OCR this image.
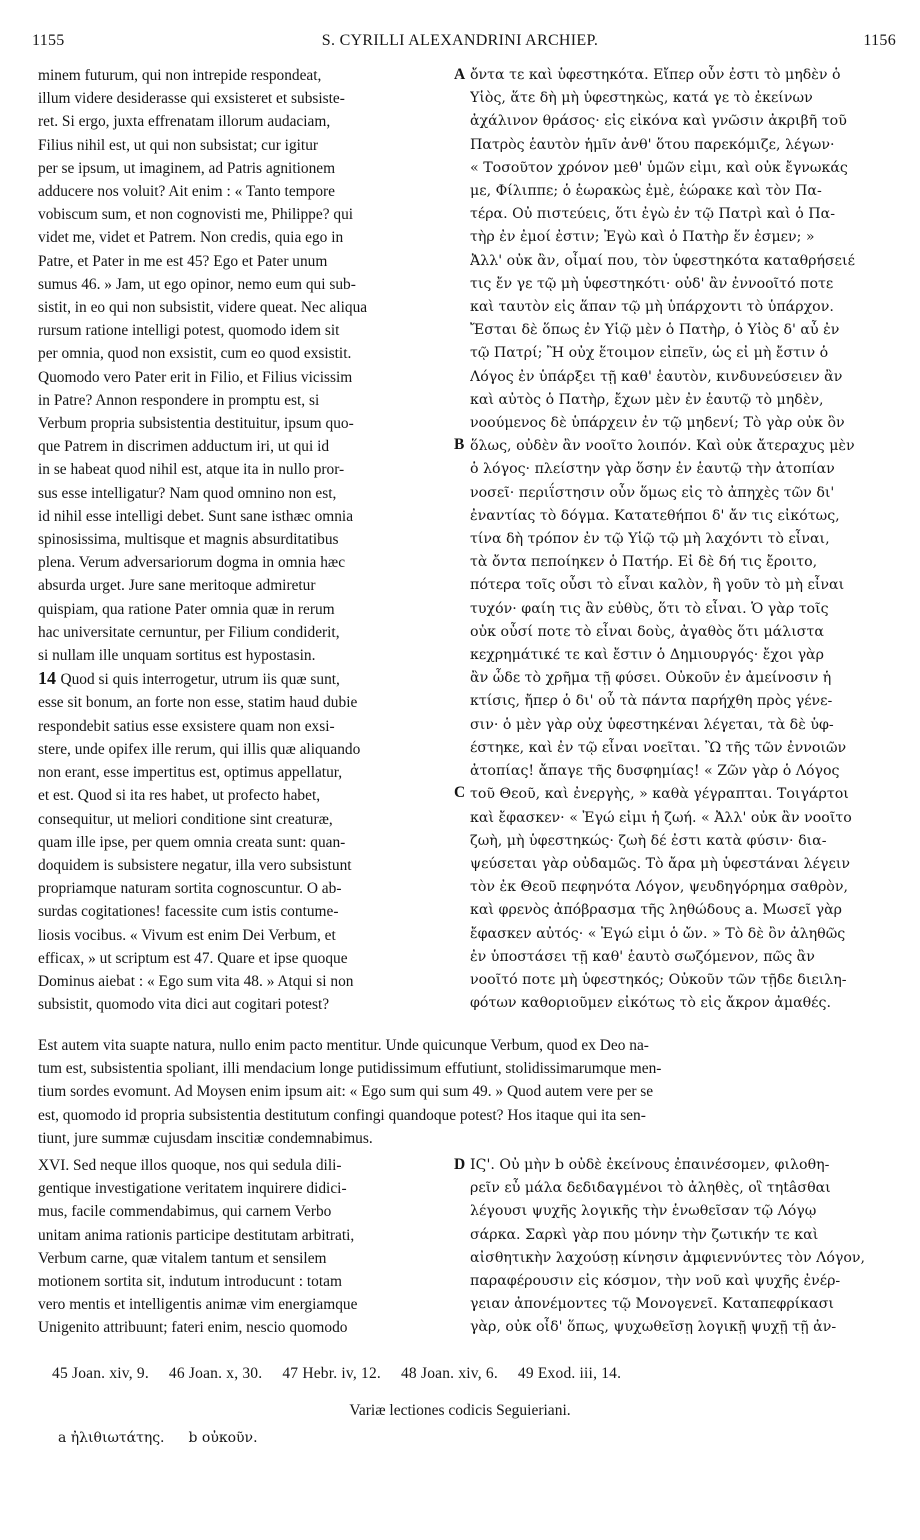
1155	S. CYRILLI ALEXANDRINI ARCHIEP.	1156
A
B
C
D
minem futurum, qui non intrepide respondeat,
illum videre desiderasse qui exsisteret et subsiste-
ret. Si ergo, juxta effrenatam illorum audaciam,
Filius nihil est, ut qui non subsistat; cur igitur
per se ipsum, ut imaginem, ad Patris agnitionem
adducere nos voluit? Ait enim : « Tanto tempore
vobiscum sum, et non cognovisti me, Philippe? qui
videt me, videt et Patrem. Non credis, quia ego in
Patre, et Pater in me est 45? Ego et Pater unum
sumus 46. » Jam, ut ego opinor, nemo eum qui sub-
sistit, in eo qui non subsistit, videre queat. Nec aliqua
rursum ratione intelligi potest, quomodo idem sit
per omnia, quod non exsistit, cum eo quod exsistit.
Quomodo vero Pater erit in Filio, et Filius vicissim
in Patre? Annon respondere in promptu est, si
Verbum propria subsistentia destituitur, ipsum quo-
que Patrem in discrimen adductum iri, ut qui id
in se habeat quod nihil est, atque ita in nullo pror-
sus esse intelligatur? Nam quod omnino non est,
id nihil esse intelligi debet. Sunt sane isthæc omnia
spinosissima, multisque et magnis absurditatibus
plena. Verum adversariorum dogma in omnia hæc
absurda urget. Jure sane meritoque admiretur
quispiam, qua ratione Pater omnia quæ in rerum
hac universitate cernuntur, per Filium condiderit,
si nullam ille unquam sortitus est hypostasin.
14 Quod si quis interrogetur, utrum iis quæ sunt,
esse sit bonum, an forte non esse, statim haud dubie
respondebit satius esse exsistere quam non exsi-
stere, unde opifex ille rerum, qui illis quæ aliquando
non erant, esse impertitus est, optimus appellatur,
et est. Quod si ita res habet, ut profecto habet,
consequitur, ut meliori conditione sint creaturæ,
quam ille ipse, per quem omnia creata sunt: quan-
doquidem is subsistere negatur, illa vero subsistunt
propriamque naturam sortita cognoscuntur. O ab-
surdas cogitationes! facessite cum istis contume-
liosis vocibus. « Vivum est enim Dei Verbum, et
efficax, » ut scriptum est 47. Quare et ipse quoque
Dominus aiebat : « Ego sum vita 48. » Atqui si non
subsistit, quomodo vita dici aut cogitari potest?
ὄντα τε καὶ ὑφεστηκότα. Εἴπερ οὖν ἐστι τὸ μηδὲν ὁ
Υἱὸς, ἅτε δὴ μὴ ὑφεστηκὼς, κατά γε τὸ ἐκείνων
ἀχάλινον θράσος· εἰς εἰκόνα καὶ γνῶσιν ἀκριβῆ τοῦ
Πατρὸς ἑαυτὸν ἡμῖν ἀνθ' ὅτου παρεκόμιζε, λέγων·
« Τοσοῦτον χρόνον μεθ' ὑμῶν εἰμι, καὶ οὐκ ἔγνωκάς
με, Φίλιππε; ὁ ἑωρακὼς ἐμὲ, ἑώρακε καὶ τὸν Πα-
τέρα. Οὐ πιστεύεις, ὅτι ἐγὼ ἐν τῷ Πατρὶ καὶ ὁ Πα-
τὴρ ἐν ἐμοί ἐστιν; Ἐγὼ καὶ ὁ Πατὴρ ἕν ἐσμεν; »
Ἀλλ' οὐκ ἂν, οἶμαί που, τὸν ὑφεστηκότα καταθρήσειέ
τις ἔν γε τῷ μὴ ὑφεστηκότι· οὐδ' ἂν ἐννοοῖτό ποτε
καὶ ταυτὸν εἰς ἅπαν τῷ μὴ ὑπάρχοντι τὸ ὑπάρχον.
Ἔσται δὲ ὅπως ἐν Υἱῷ μὲν ὁ Πατὴρ, ὁ Υἱὸς δ' αὖ ἐν
τῷ Πατρί; Ἢ οὐχ ἕτοιμον εἰπεῖν, ὡς εἰ μὴ ἔστιν ὁ
Λόγος ἐν ὑπάρξει τῇ καθ' ἑαυτὸν, κινδυνεύσειεν ἂν
καὶ αὐτὸς ὁ Πατὴρ, ἔχων μὲν ἐν ἑαυτῷ τὸ μηδὲν,
νοούμενος δὲ ὑπάρχειν ἐν τῷ μηδενί; Τὸ γὰρ οὐκ ὂν
ὅλως, οὐδὲν ἂν νοοῖτο λοιπόν. Καὶ οὐκ ἄτεραχυς μὲν
ὁ λόγος· πλείστην γὰρ ὅσην ἐν ἑαυτῷ τὴν ἀτοπίαν
νοσεῖ· περιΐστησιν οὖν ὅμως εἰς τὸ ἀπηχὲς τῶν δι'
ἐναντίας τὸ δόγμα. Κατατεθήποι δ' ἄν τις εἰκότως,
τίνα δὴ τρόπον ἐν τῷ Υἱῷ τῷ μὴ λαχόντι τὸ εἶναι,
τὰ ὄντα πεποίηκεν ὁ Πατήρ. Εἰ δὲ δή τις ἔροιτο,
πότερα τοῖς οὖσι τὸ εἶναι καλὸν, ἢ γοῦν τὸ μὴ εἶναι
τυχόν· φαίη τις ἂν εὐθὺς, ὅτι τὸ εἶναι. Ὁ γὰρ τοῖς
οὐκ οὖσί ποτε τὸ εἶναι δοὺς, ἀγαθὸς ὅτι μάλιστα
κεχρημάτικέ τε καὶ ἔστιν ὁ Δημιουργός· ἔχοι γὰρ
ἂν ὧδε τὸ χρῆμα τῇ φύσει. Οὐκοῦν ἐν ἀμείνοσιν ἡ
κτίσις, ἤπερ ὁ δι' οὗ τὰ πάντα παρήχθη πρὸς γένε-
σιν· ὁ μὲν γὰρ οὐχ ὑφεστηκέναι λέγεται, τὰ δὲ ὑφ-
έστηκε, καὶ ἐν τῷ εἶναι νοεῖται. Ὢ τῆς τῶν ἐννοιῶν
ἀτοπίας! ἄπαγε τῆς δυσφημίας! « Ζῶν γὰρ ὁ Λόγος
τοῦ Θεοῦ, καὶ ἐνεργὴς, » καθὰ γέγραπται. Τοιγάρτοι
καὶ ἔφασκεν· « Ἐγώ εἰμι ἡ ζωή. « Ἀλλ' οὐκ ἂν νοοῖτο
ζωὴ, μὴ ὑφεστηκώς· ζωὴ δέ ἐστι κατὰ φύσιν· δια-
ψεύσεται γὰρ οὐδαμῶς. Τὸ ἄρα μὴ ὑφεστάναι λέγειν
τὸν ἐκ Θεοῦ πεφηνότα Λόγον, ψευδηγόρημα σαθρὸν,
καὶ φρενὸς ἀπόβρασμα τῆς ληθώδους a. Μωσεῖ γὰρ
ἔφασκεν αὐτός· « Ἐγώ εἰμι ὁ ὤν. » Τὸ δὲ ὂν ἀληθῶς
ἐν ὑποστάσει τῇ καθ' ἑαυτὸ σωζόμενον, πῶς ἂν
νοοῖτό ποτε μὴ ὑφεστηκός; Οὐκοῦν τῶν τῇδε διειλη-
φότων καθοριοῦμεν εἰκότως τὸ εἰς ἄκρον ἀμαθές.
Est autem vita suapte natura, nullo enim pacto mentitur. Unde quicunque Verbum, quod ex Deo na-
tum est, subsistentia spoliant, illi mendacium longe putidissimum effutiunt, stolidissimarumque men-
tium sordes evomunt. Ad Moysen enim ipsum ait: « Ego sum qui sum 49. » Quod autem vere per se
est, quomodo id propria subsistentia destitutum confingi quandoque potest? Hos itaque qui ita sen-
tiunt, jure summæ cujusdam inscitiæ condemnabimus.
XVI. Sed neque illos quoque, nos qui sedula dili-
gentique investigatione veritatem inquirere didici-
mus, facile commendabimus, qui carnem Verbo
unitam anima rationis participe destitutam arbitrati,
Verbum carne, quæ vitalem tantum et sensilem
motionem sortita sit, indutum introducunt : totam
vero mentis et intelligentis animæ vim energiamque
Unigenito attribuunt; fateri enim, nescio quomodo
ΙϚ'. Οὐ μὴν b οὐδὲ ἐκείνους ἐπαινέσομεν, φιλοθη-
ρεῖν εὖ μάλα δεδιδαγμένοι τὸ ἀληθὲς, οἳ τηtâσθαι
λέγουσι ψυχῆς λογικῆς τὴν ἑνωθεῖσαν τῷ Λόγῳ
σάρκα. Σαρκὶ γὰρ που μόνην τὴν ζωτικήν τε καὶ
αἰσθητικὴν λαχούσῃ κίνησιν ἀμφιεννύντες τὸν Λόγον,
παραφέρουσιν εἰς κόσμον, τὴν νοῦ καὶ ψυχῆς ἐνέρ-
γειαν ἀπονέμοντες τῷ Μονογενεῖ. Καταπεφρίκασι
γὰρ, οὐκ οἶδ' ὅπως, ψυχωθεῖσῃ λογικῇ ψυχῇ τῇ ἀν-
45 Joan. xiv, 9. 46 Joan. x, 30. 47 Hebr. iv, 12. 48 Joan. xiv, 6. 49 Exod. iii, 14.
Variæ lectiones codicis Seguieriani.
a ἠλιθιωτάτης. b οὐκοῦν.
